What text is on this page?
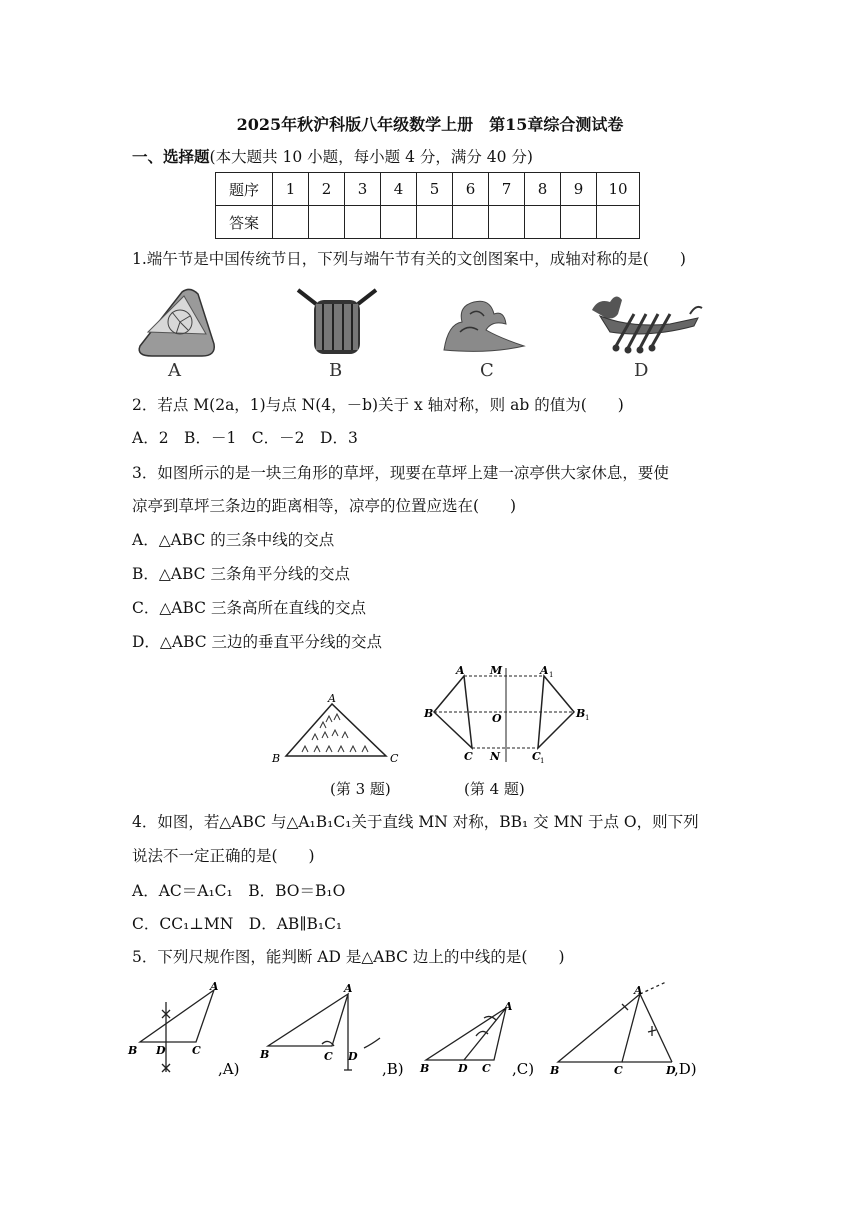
2025年秋沪科版八年级数学上册　第15章综合测试卷
一、选择题(本大题共 10 小题，每小题 4 分，满分 40 分)
题序	1	2	3	4	5	6	7	8	9	10
答案										
1.端午节是中国传统节日，下列与端午节有关的文创图案中，成轴对称的是(　　)
A	B	C	D
2．若点 M(2a，1)与点 N(4，－b)关于 x 轴对称，则 ab 的值为(　　)
A．2　B．－1　C．－2　D．3
3．如图所示的是一块三角形的草坪，现要在草坪上建一凉亭供大家休息，要使
凉亭到草坪三条边的距离相等，凉亭的位置应选在(　　)
A．△ABC 的三条中线的交点
B．△ABC 三条角平分线的交点
C．△ABC 三条高所在直线的交点
D．△ABC 三边的垂直平分线的交点
A
B	C
A M	A 1
B	O	B 1
C N	C 1
(第 3 题)	(第 4 题)
4．如图，若△ABC 与△A₁B₁C₁关于直线 MN 对称，BB₁ 交 MN 于点 O，则下列
说法不一定正确的是(　　)
A．AC＝A₁C₁　B．BO＝B₁O
C．CC₁⊥MN　D．AB∥B₁C₁
5．下列尺规作图，能判断 AD 是△ABC 边上的中线的是(　　)
A
B D C
,A)
A
B	C D
,B)
A
B	D C ,C)
A
B	C	D
,D)
